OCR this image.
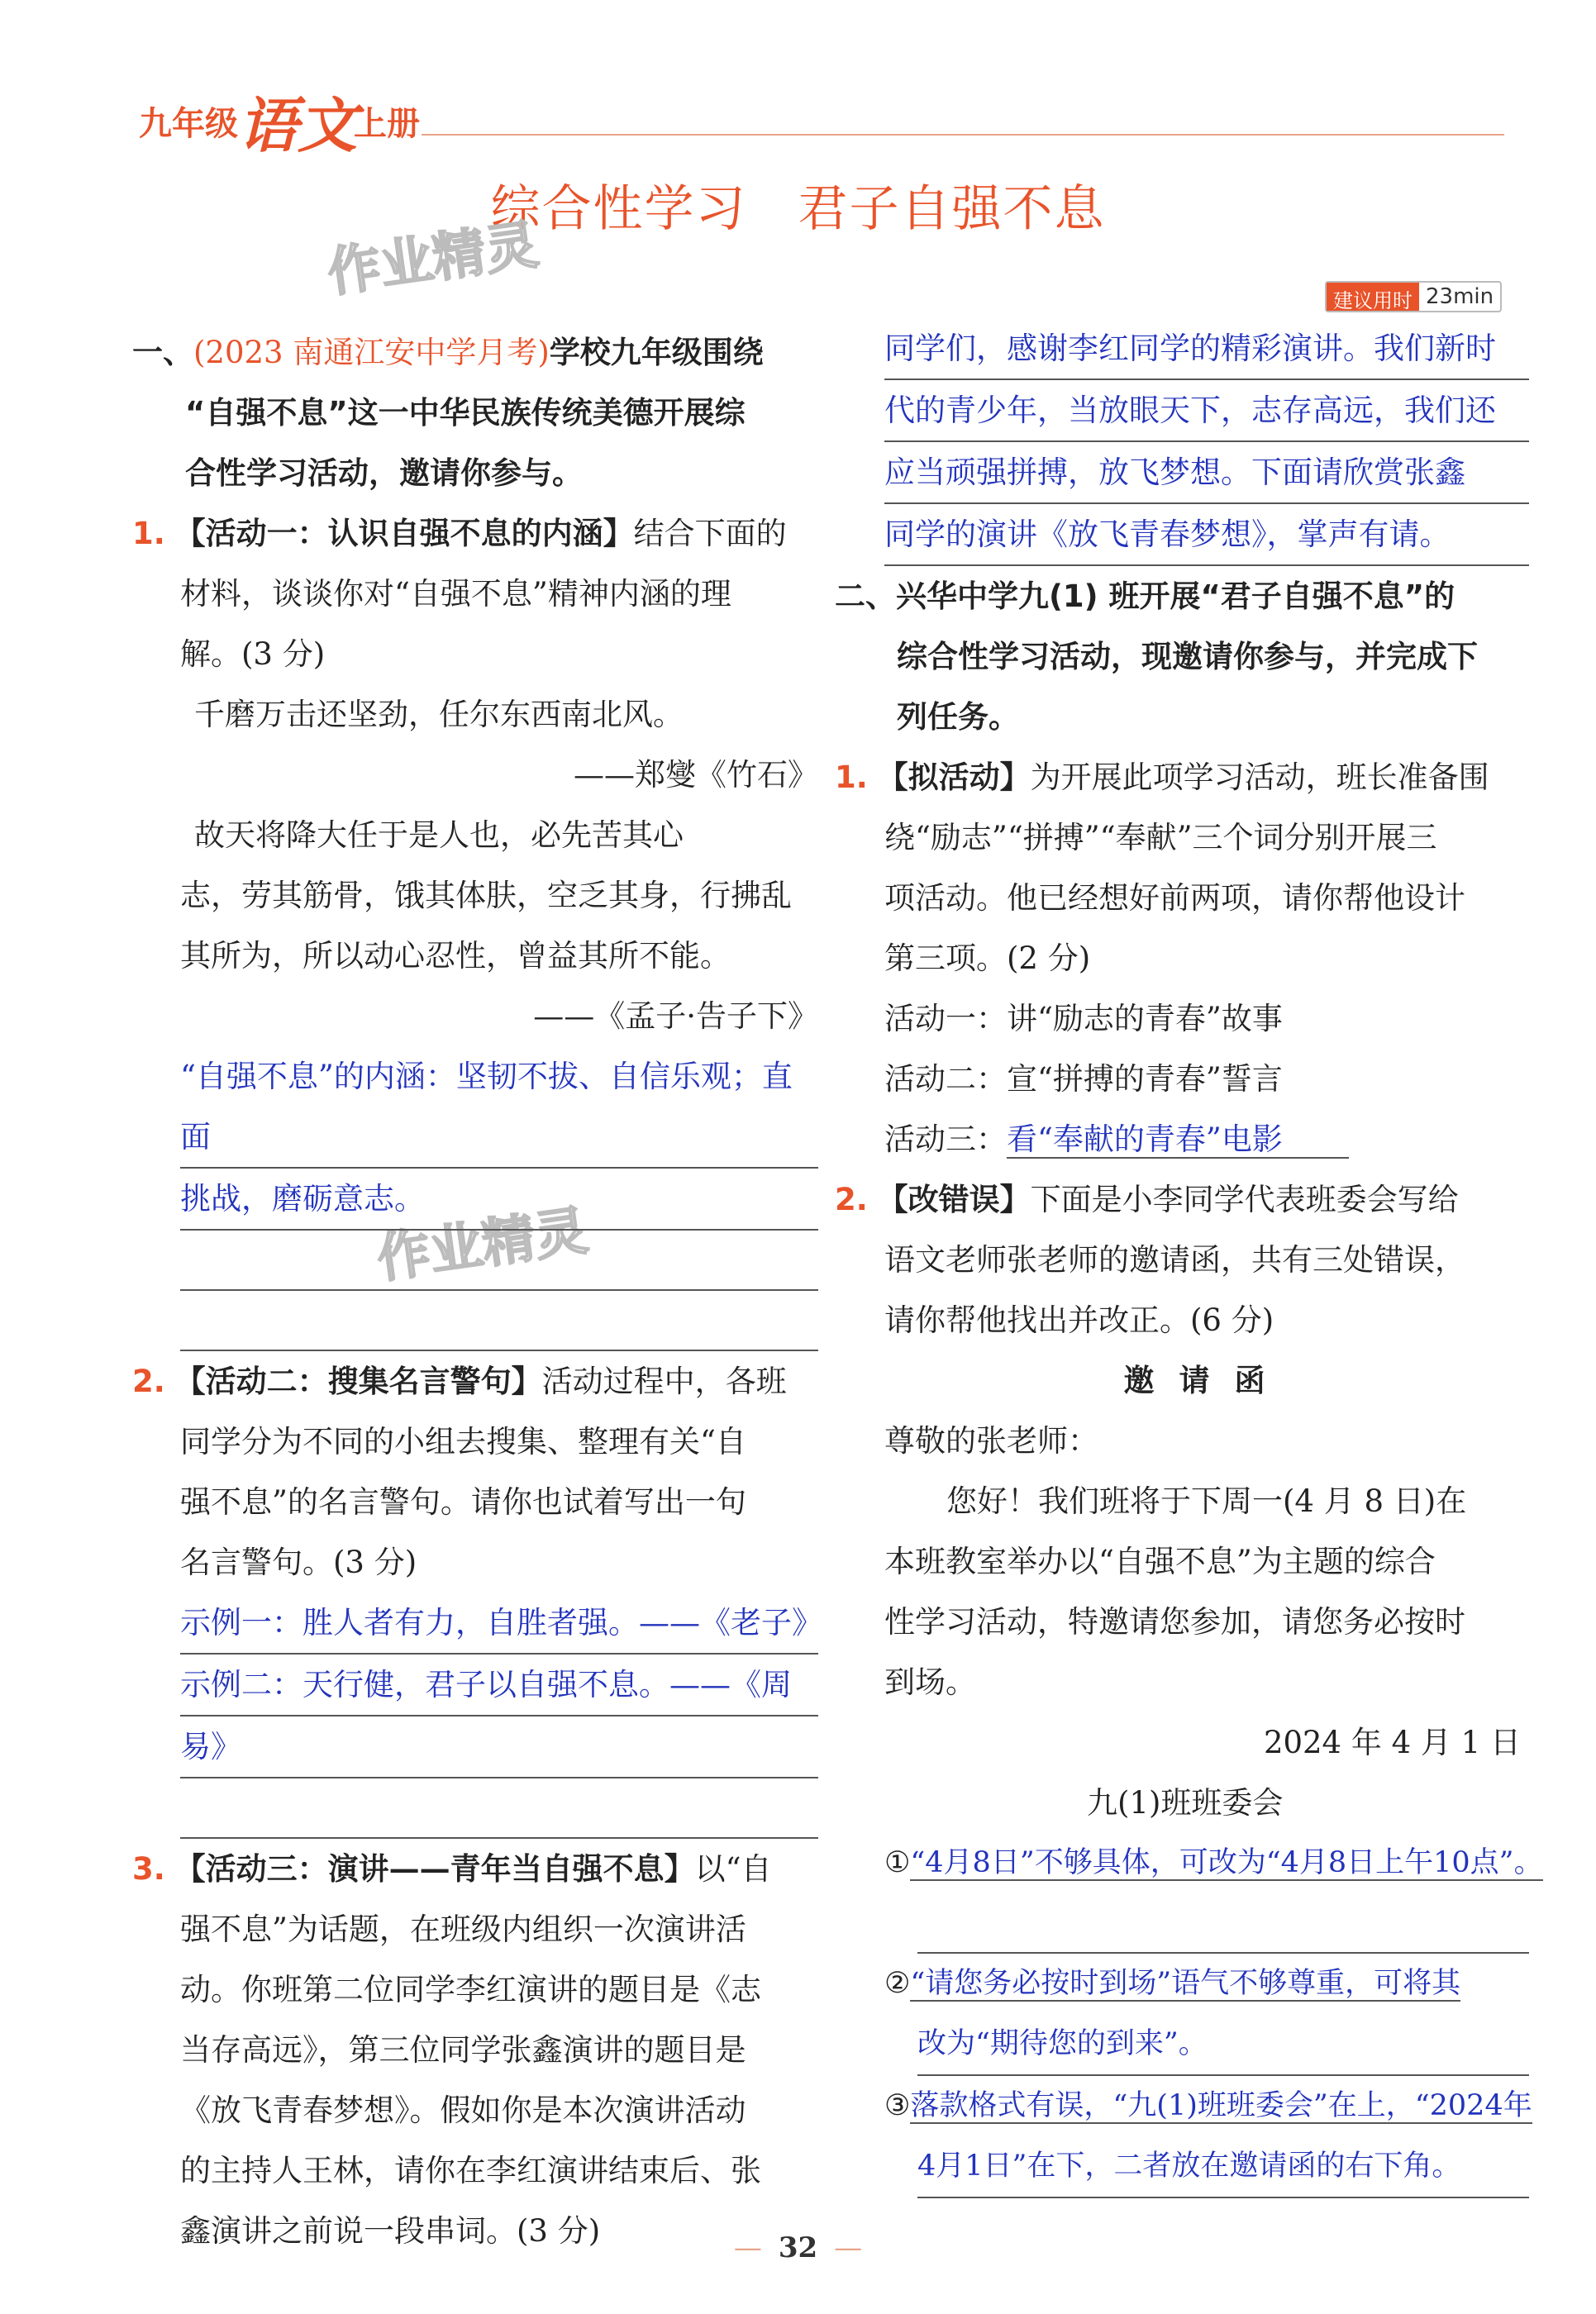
九年级 语文
上册
综合性学习　君子自强不息
作业精灵
作业精灵
建议用时 23min

一、(2023 南通江安中学月考)学校九年级围绕

“自强不息”这一中华民族传统美德开展综

合性学习活动，邀请你参与。

1. 【活动一：认识自强不息的内涵】结合下面的

材料，谈谈你对“自强不息”精神内涵的理

解。(3 分)

千磨万击还坚劲，任尔东西南北风。

——郑燮《竹石》

故天将降大任于是人也，必先苦其心

志，劳其筋骨，饿其体肤，空乏其身，行拂乱

其所为，所以动心忍性，曾益其所不能。

——《孟子·告子下》

“自强不息”的内涵：坚韧不拔、自信乐观；直面
挑战，磨砺意志。

2. 【活动二：搜集名言警句】活动过程中，各班

同学分为不同的小组去搜集、整理有关“自

强不息”的名言警句。请你也试着写出一句

名言警句。(3 分)

示例一：胜人者有力，自胜者强。——《老子》
示例二：天行健，君子以自强不息。——《周
易》

3. 【活动三：演讲——青年当自强不息】以“自

强不息”为话题，在班级内组织一次演讲活

动。你班第二位同学李红演讲的题目是《志

当存高远》，第三位同学张鑫演讲的题目是

《放飞青春梦想》。假如你是本次演讲活动

的主持人王林，请你在李红演讲结束后、张

鑫演讲之前说一段串词。(3 分)

同学们，感谢李红同学的精彩演讲。我们新时
代的青少年，当放眼天下，志存高远，我们还
应当顽强拼搏，放飞梦想。下面请欣赏张鑫
同学的演讲《放飞青春梦想》，掌声有请。

二、兴华中学九(1) 班开展“君子自强不息”的

综合性学习活动，现邀请你参与，并完成下

列任务。

1. 【拟活动】为开展此项学习活动，班长准备围

绕“励志”“拼搏”“奉献”三个词分别开展三

项活动。他已经想好前两项，请你帮他设计

第三项。(2 分)

活动一：讲“励志的青春”故事

活动二：宣“拼搏的青春”誓言

活动三：看“奉献的青春”电影

2. 【改错误】下面是小李同学代表班委会写给

语文老师张老师的邀请函，共有三处错误，

请你帮他找出并改正。(6 分)

邀请函

尊敬的张老师：

您好！我们班将于下周一(4 月 8 日)在

本班教室举办以“自强不息”为主题的综合

性学习活动，特邀请您参加，请您务必按时

到场。

2024 年 4 月 1 日

九(1)班班委会

①“4月8日”不够具体，可改为“4月8日上午10点”。

②“请您务必按时到场”语气不够尊重，可将其

改为“期待您的到来”。

③落款格式有误，“九(1)班班委会”在上，“2024年

4月1日”在下，二者放在邀请函的右下角。
— 32 —
